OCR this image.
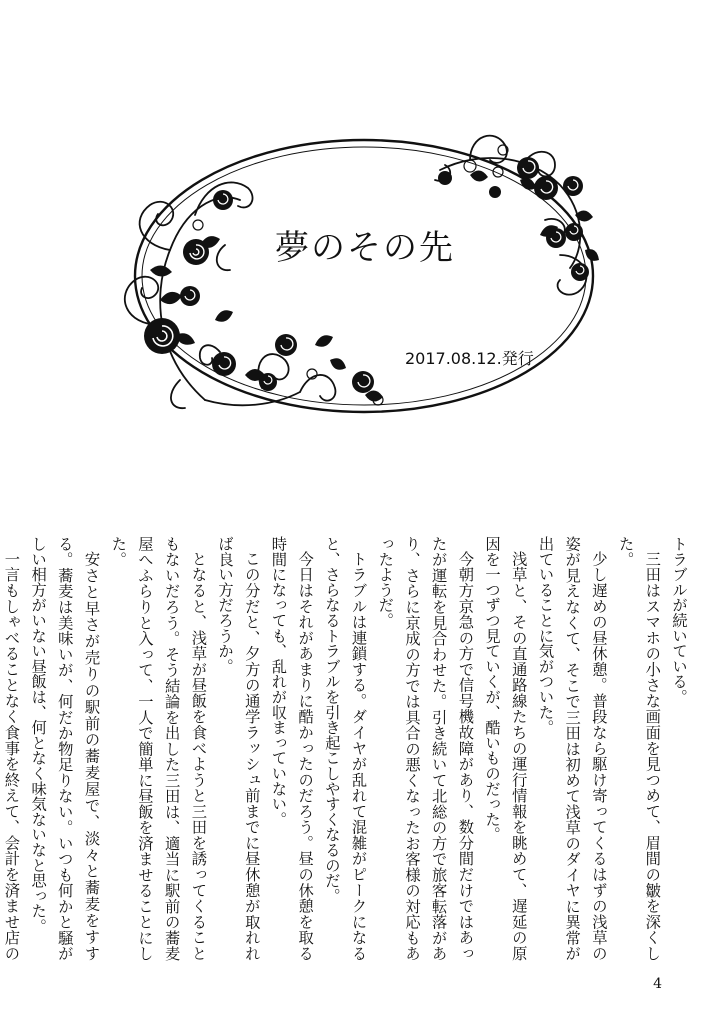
夢のその先
2017.08.12.発行

トラブルが続いている。

三田はスマホの小さな画面を見つめて、眉間の皺を深くした。

少し遅めの昼休憩。普段なら駆け寄ってくるはずの浅草の姿が見えなくて、そこで三田は初めて浅草のダイヤに異常が出ていることに気がついた。

浅草と、その直通路線たちの運行情報を眺めて、遅延の原因を一つずつ見ていくが、酷いものだった。

今朝方京急の方で信号機故障があり、数分間だけではあったが運転を見合わせた。引き続いて北総の方で旅客転落があり、さらに京成の方では具合の悪くなったお客様の対応もあったようだ。

トラブルは連鎖する。ダイヤが乱れて混雑がピークになると、さらなるトラブルを引き起こしやすくなるのだ。

今日はそれがあまりに酷かったのだろう。昼の休憩を取る時間になっても、乱れが収まっていない。

この分だと、夕方の通学ラッシュ前までに昼休憩が取れれば良い方だろうか。

となると、浅草が昼飯を食べようと三田を誘ってくることもないだろう。そう結論を出した三田は、適当に駅前の蕎麦屋へふらりと入って、一人で簡単に昼飯を済ませることにした。

安さと早さが売りの駅前の蕎麦屋で、淡々と蕎麦をすする。蕎麦は美味いが、何だか物足りない。いつも何かと騒がしい相方がいない昼飯は、何となく味気ないなと思った。

一言もしゃべることなく食事を終えて、会計を済ませ店の

4
